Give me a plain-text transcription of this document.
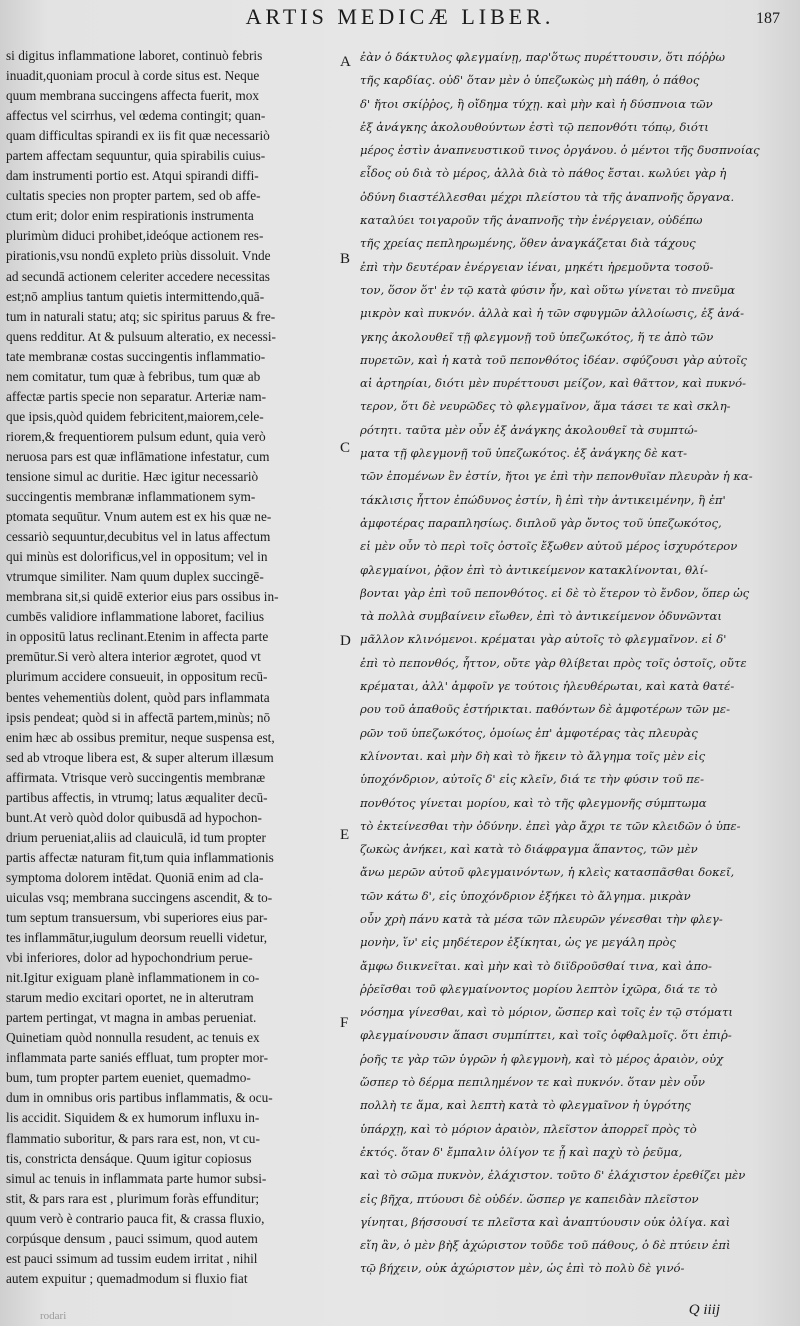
ARTIS MEDICÆ LIBER.	187
si digitus inflammatione laboret, continuò febris
inuadit,quoniam procul à corde situs est. Neque
quum membrana succingens affecta fuerit, mox
affectus vel scirrhus, vel œdema contingit; quan-
quam difficultas spirandi ex iis fit quæ necessariò
partem affectam sequuntur, quia spirabilis cuius-
dam instrumenti portio est. Atqui spirandi diffi-
cultatis species non propter partem, sed ob affe-
ctum erit; dolor enim respirationis instrumenta
plurimùm diduci prohibet,ideóque actionem res-
pirationis,vsu nondū expleto priùs dissoluit. Vnde
ad secundā actionem celeriter accedere necessitas
est;nō amplius tantum quietis intermittendo,quā-
tum in naturali statu; atq; sic spiritus paruus & fre-
quens redditur. At & pulsuum alteratio, ex necessi-
tate membranæ costas succingentis inflammatio-
nem comitatur, tum quæ à febribus, tum quæ ab
affectæ partis specie non separatur. Arteriæ nam-
que ipsis,quòd quidem febricitent,maiorem,cele-
riorem,& frequentiorem pulsum edunt, quia verò
neruosa pars est quæ inflāmatione infestatur, cum
tensione simul ac duritie. Hæc igitur necessariò
succingentis membranæ inflammationem sym-
ptomata sequūtur. Vnum autem est ex his quæ ne-
cessariò sequuntur,decubitus vel in latus affectum
qui minùs est dolorificus,vel in oppositum; vel in
vtrumque similiter. Nam quum duplex succingē-
membrana sit,si quidē exterior eius pars ossibus in-
cumbēs validiore inflammatione laboret, facilius
in oppositū latus reclinant.Etenim in affecta parte
premūtur.Si verò altera interior ægrotet, quod vt
plurimum accidere consueuit, in oppositum recū-
bentes vehementiùs dolent, quòd pars inflammata
ipsis pendeat; quòd si in affectā partem,minùs; nō
enim hæc ab ossibus premitur, neque suspensa est,
sed ab vtroque libera est, & super alterum illæsum
affirmata. Vtrisque verò succingentis membranæ
partibus affectis, in vtrumq; latus æqualiter decū-
bunt.At verò quòd dolor quibusdā ad hypochon-
drium perueniat,aliis ad clauiculā, id tum propter
partis affectæ naturam fit,tum quia inflammationis
symptoma dolorem intēdat. Quoniā enim ad cla-
uiculas vsq; membrana succingens ascendit, & to-
tum septum transuersum, vbi superiores eius par-
tes inflammātur,iugulum deorsum reuelli videtur,
vbi inferiores, dolor ad hypochondrium perue-
nit.Igitur exiguam planè inflammationem in co-
starum medio excitari oportet, ne in alterutram
partem pertingat, vt magna in ambas perueniat.
Quinetiam quòd nonnulla resudent, ac tenuis ex
inflammata parte saniés effluat, tum propter mor-
bum, tum propter partem eueniet, quemadmo-
dum in omnibus oris partibus inflammatis, & ocu-
lis accidit. Siquidem & ex humorum influxu in-
flammatio suboritur, & pars rara est, non, vt cu-
tis, constricta densáque. Quum igitur copiosus
simul ac tenuis in inflammata parte humor subsi-
stit, & pars rara est , plurimum foràs effunditur;
quum verò è contrario pauca fit, & crassa fluxio,
corpúsque densum , pauci ssimum, quod autem
est pauci ssimum ad tussim eudem irritat , nihil
autem expuitur ; quemadmodum si fluxio fiat
A
B
C
D
E
F
ἐὰν ὁ δάκτυλος φλεγμαίνῃ, παρ'ὅτως πυρέττουσιν, ὅτι πόῤῥω
τῆς καρδίας. οὐδ' ὅταν μὲν ὁ ὑπεζωκὼς μὴ πάθη, ὁ πάθος
δ' ἤτοι σκίῤῥος, ἢ οἴδημα τύχῃ. καὶ μὴν καὶ ἡ δύσπνοια τῶν
ἐξ ἀνάγκης ἀκολουθούντων ἐστὶ τῷ πεπονθότι τόπῳ, διότι
μέρος ἐστὶν ἀναπνευστικοῦ τινος ὀργάνου. ὁ μέντοι τῆς δυσπνοίας
εἶδος οὐ διὰ τὸ μέρος, ἀλλὰ διὰ τὸ πάθος ἔσται. κωλύει γὰρ ἡ
ὀδύνη διαστέλλεσθαι μέχρι πλείστου τὰ τῆς ἀναπνοῆς ὄργανα.
καταλύει τοιγαροῦν τῆς ἀναπνοῆς τὴν ἐνέργειαν, οὐδέπω
τῆς χρείας πεπληρωμένης, ὅθεν ἀναγκάζεται διὰ τάχους
ἐπὶ τὴν δευτέραν ἐνέργειαν ἰέναι, μηκέτι ἠρεμοῦντα τοσοῦ-
τον, ὅσον ὅτ' ἐν τῷ κατὰ φύσιν ἦν, καὶ οὕτω γίνεται τὸ πνεῦμα
μικρὸν καὶ πυκνόν. ἀλλὰ καὶ ἡ τῶν σφυγμῶν ἀλλοίωσις, ἐξ ἀνά-
γκης ἀκολουθεῖ τῇ φλεγμονῇ τοῦ ὑπεζωκότος, ἥ τε ἀπὸ τῶν
πυρετῶν, καὶ ἡ κατὰ τοῦ πεπονθότος ἰδέαν. σφύζουσι γὰρ αὐτοῖς
αἱ ἀρτηρίαι, διότι μὲν πυρέττουσι μείζον, καὶ θᾶττον, καὶ πυκνό-
τερον, ὅτι δὲ νευρῶδες τὸ φλεγμαῖνον, ἅμα τάσει τε καὶ σκλη-
ρότητι. ταῦτα μὲν οὖν ἐξ ἀνάγκης ἀκολουθεῖ τὰ συμπτώ-
ματα τῇ φλεγμονῇ τοῦ ὑπεζωκότος. ἐξ ἀνάγκης δὲ κατ-
τῶν ἑπομένων ἓν ἐστίν, ἤτοι γε ἐπὶ τὴν πεπονθυῖαν πλευρὰν ἡ κα-
τάκλισις ἧττον ἐπώδυνος ἐστίν, ἢ ἐπὶ τὴν ἀντικειμένην, ἢ ἐπ'
ἀμφοτέρας παραπλησίως. διπλοῦ γὰρ ὄντος τοῦ ὑπεζωκότος,
εἰ μὲν οὖν τὸ περὶ τοῖς ὀστοῖς ἔξωθεν αὐτοῦ μέρος ἰσχυρότερον
φλεγμαίνοι, ῥᾷον ἐπὶ τὸ ἀντικείμενον κατακλίνονται, θλί-
βονται γὰρ ἐπὶ τοῦ πεπονθότος. εἰ δὲ τὸ ἕτερον τὸ ἔνδον, ὅπερ ὡς
τὰ πολλὰ συμβαίνειν εἴωθεν, ἐπὶ τὸ ἀντικείμενον ὀδυνῶνται
μᾶλλον κλινόμενοι. κρέμαται γὰρ αὐτοῖς τὸ φλεγμαῖνον. εἰ δ'
ἐπὶ τὸ πεπονθός, ἧττον, οὔτε γὰρ θλίβεται πρὸς τοῖς ὀστοῖς, οὔτε
κρέμαται, ἀλλ' ἀμφοῖν γε τούτοις ἠλευθέρωται, καὶ κατὰ θατέ-
ρου τοῦ ἀπαθοῦς ἐστήρικται. παθόντων δὲ ἀμφοτέρων τῶν με-
ρῶν τοῦ ὑπεζωκότος, ὁμοίως ἐπ' ἀμφοτέρας τὰς πλευρὰς
κλίνονται. καὶ μὴν δὴ καὶ τὸ ἥκειν τὸ ἄλγημα τοῖς μὲν εἰς
ὑποχόνδριον, αὐτοῖς δ' εἰς κλεῖν, διά τε τὴν φύσιν τοῦ πε-
πονθότος γίνεται μορίου, καὶ τὸ τῆς φλεγμονῆς σύμπτωμα
τὸ ἐκτείνεσθαι τὴν ὀδύνην. ἐπεὶ γὰρ ἄχρι τε τῶν κλειδῶν ὁ ὑπε-
ζωκὼς ἀνήκει, καὶ κατὰ τὸ διάφραγμα ἅπαντος, τῶν μὲν
ἄνω μερῶν αὐτοῦ φλεγμαινόντων, ἡ κλεὶς κατασπᾶσθαι δοκεῖ,
τῶν κάτω δ', εἰς ὑποχόνδριον ἐξήκει τὸ ἄλγημα. μικρὰν
οὖν χρὴ πάνυ κατὰ τὰ μέσα τῶν πλευρῶν γένεσθαι τὴν φλεγ-
μονὴν, ἵν' εἰς μηδέτερον ἐξίκηται, ὡς γε μεγάλη πρὸς
ἄμφω διικνεῖται. καὶ μὴν καὶ τὸ διϊδροῦσθαί τινα, καὶ ἀπο-
ῤῥεῖσθαι τοῦ φλεγμαίνοντος μορίου λεπτὸν ἰχῶρα, διά τε τὸ
νόσημα γίνεσθαι, καὶ τὸ μόριον, ὥσπερ καὶ τοῖς ἐν τῷ στόματι
φλεγμαίνουσιν ἅπασι συμπίπτει, καὶ τοῖς ὀφθαλμοῖς. ὅτι ἐπιῤ-
ῥοῆς τε γὰρ τῶν ὑγρῶν ἡ φλεγμονὴ, καὶ τὸ μέρος ἀραιὸν, οὐχ
ὥσπερ τὸ δέρμα πεπιλημένον τε καὶ πυκνόν. ὅταν μὲν οὖν
πολλὴ τε ἅμα, καὶ λεπτὴ κατὰ τὸ φλεγμαῖνον ἡ ὑγρότης
ὑπάρχῃ, καὶ τὸ μόριον ἀραιὸν, πλεῖστον ἀπορρεῖ πρὸς τὸ
ἐκτός. ὅταν δ' ἔμπαλιν ὀλίγον τε ᾖ καὶ παχὺ τὸ ῥεῦμα,
καὶ τὸ σῶμα πυκνὸν, ἐλάχιστον. τοῦτο δ' ἐλάχιστον ἐρεθίζει μὲν
εἰς βῆχα, πτύουσι δὲ οὐδέν. ὥσπερ γε καπειδὰν πλεῖστον
γίνηται, βήσσουσί τε πλεῖστα καὶ ἀναπτύουσιν οὐκ ὀλίγα. καὶ
εἴη ἂν, ὁ μὲν βὴξ ἀχώριστον τοῦδε τοῦ πάθους, ὁ δὲ πτύειν ἐπὶ
τῷ βήχειν, οὐκ ἀχώριστον μὲν, ὡς ἐπὶ τὸ πολὺ δὲ γινό-
Q iiij
rodari
